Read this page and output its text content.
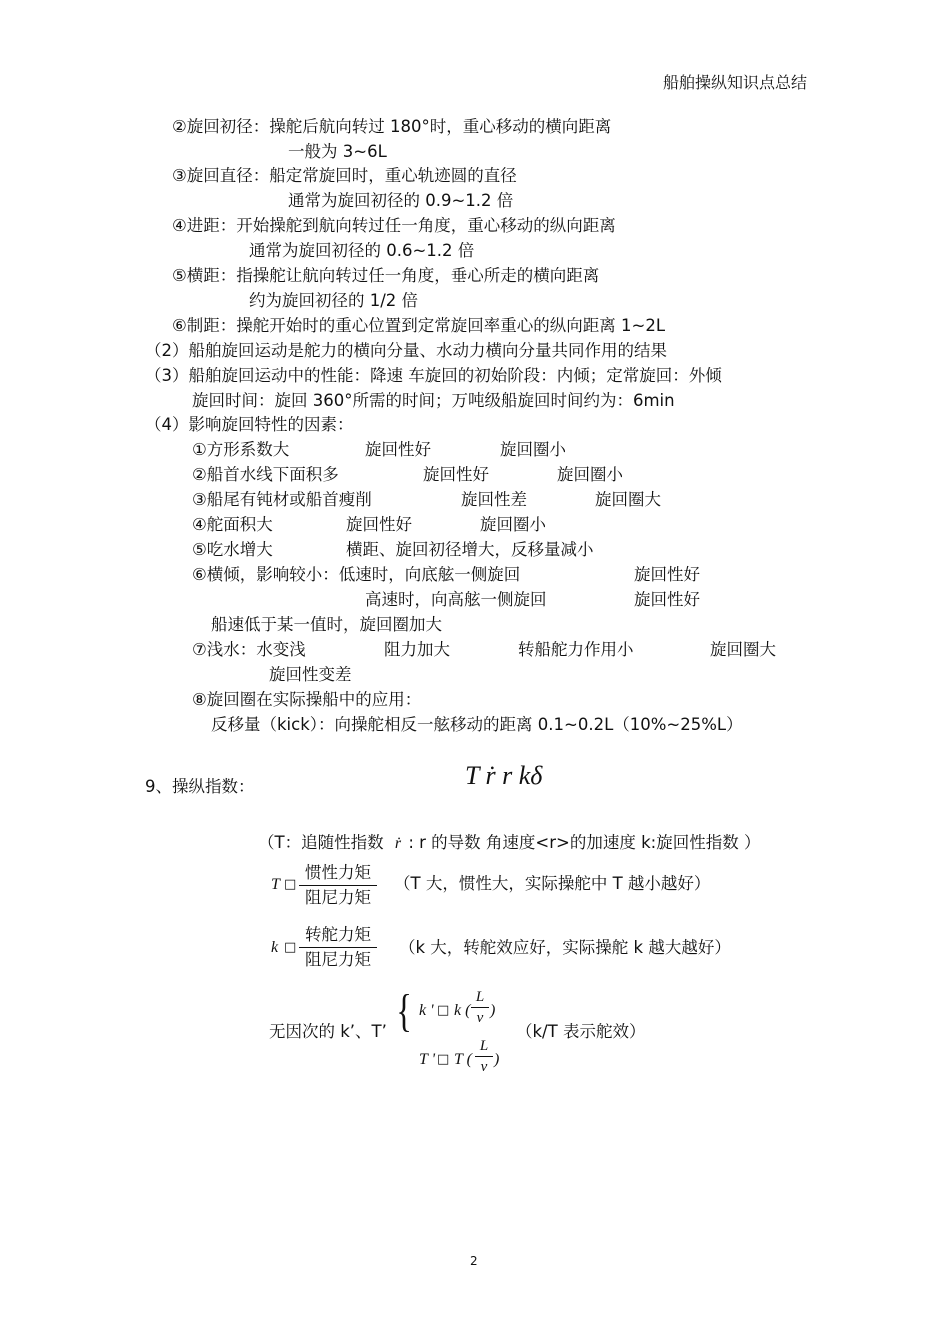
船舶操纵知识点总结
②旋回初径：操舵后航向转过 180°时，重心移动的横向距离
一般为 3~6L
③旋回直径：船定常旋回时，重心轨迹圆的直径
通常为旋回初径的 0.9~1.2 倍
④进距：开始操舵到航向转过任一角度，重心移动的纵向距离
通常为旋回初径的 0.6~1.2 倍
⑤横距：指操舵让航向转过任一角度，垂心所走的横向距离
约为旋回初径的 1/2 倍
⑥制距：操舵开始时的重心位置到定常旋回率重心的纵向距离 1~2L
（2）船舶旋回运动是舵力的横向分量、水动力横向分量共同作用的结果
（3）船舶旋回运动中的性能：降速 车旋回的初始阶段：内倾；定常旋回：外倾
旋回时间：旋回 360°所需的时间；万吨级船旋回时间约为：6min
（4）影响旋回特性的因素：
①方形系数大	旋回性好	旋回圈小
②船首水线下面积多	旋回性好	旋回圈小
③船尾有钝材或船首瘦削	旋回性差	旋回圈大
④舵面积大	旋回性好	旋回圈小
⑤吃水增大	横距、旋回初径增大，反移量减小
⑥横倾，影响较小：低速时，向底舷一侧旋回	旋回性好
高速时，向高舷一侧旋回	旋回性好
船速低于某一值时，旋回圈加大
⑦浅水：水变浅	阻力加大	转船舵力作用小	旋回圈大
旋回性变差
⑧旋回圈在实际操船中的应用：
反移量（kick）：向操舵相反一舷移动的距离 0.1~0.2L（10%~25%L）
9、操纵指数：	T ṙ r kδ
（T：追随性指数 ṙ : r 的导数 角速度<r>的加速度 k:旋回性指数 ）
T □
惯性力矩
阻尼力矩
（T 大，惯性大，实际操舵中 T 越小越好）
k □
转舵力矩
阻尼力矩
（k 大，转舵效应好，实际操舵 k 越大越好）
无因次的 k’、T’ { k ' □ k (
L
v )
（k/T 表示舵效）
T ' □ T (
L
v )
2
